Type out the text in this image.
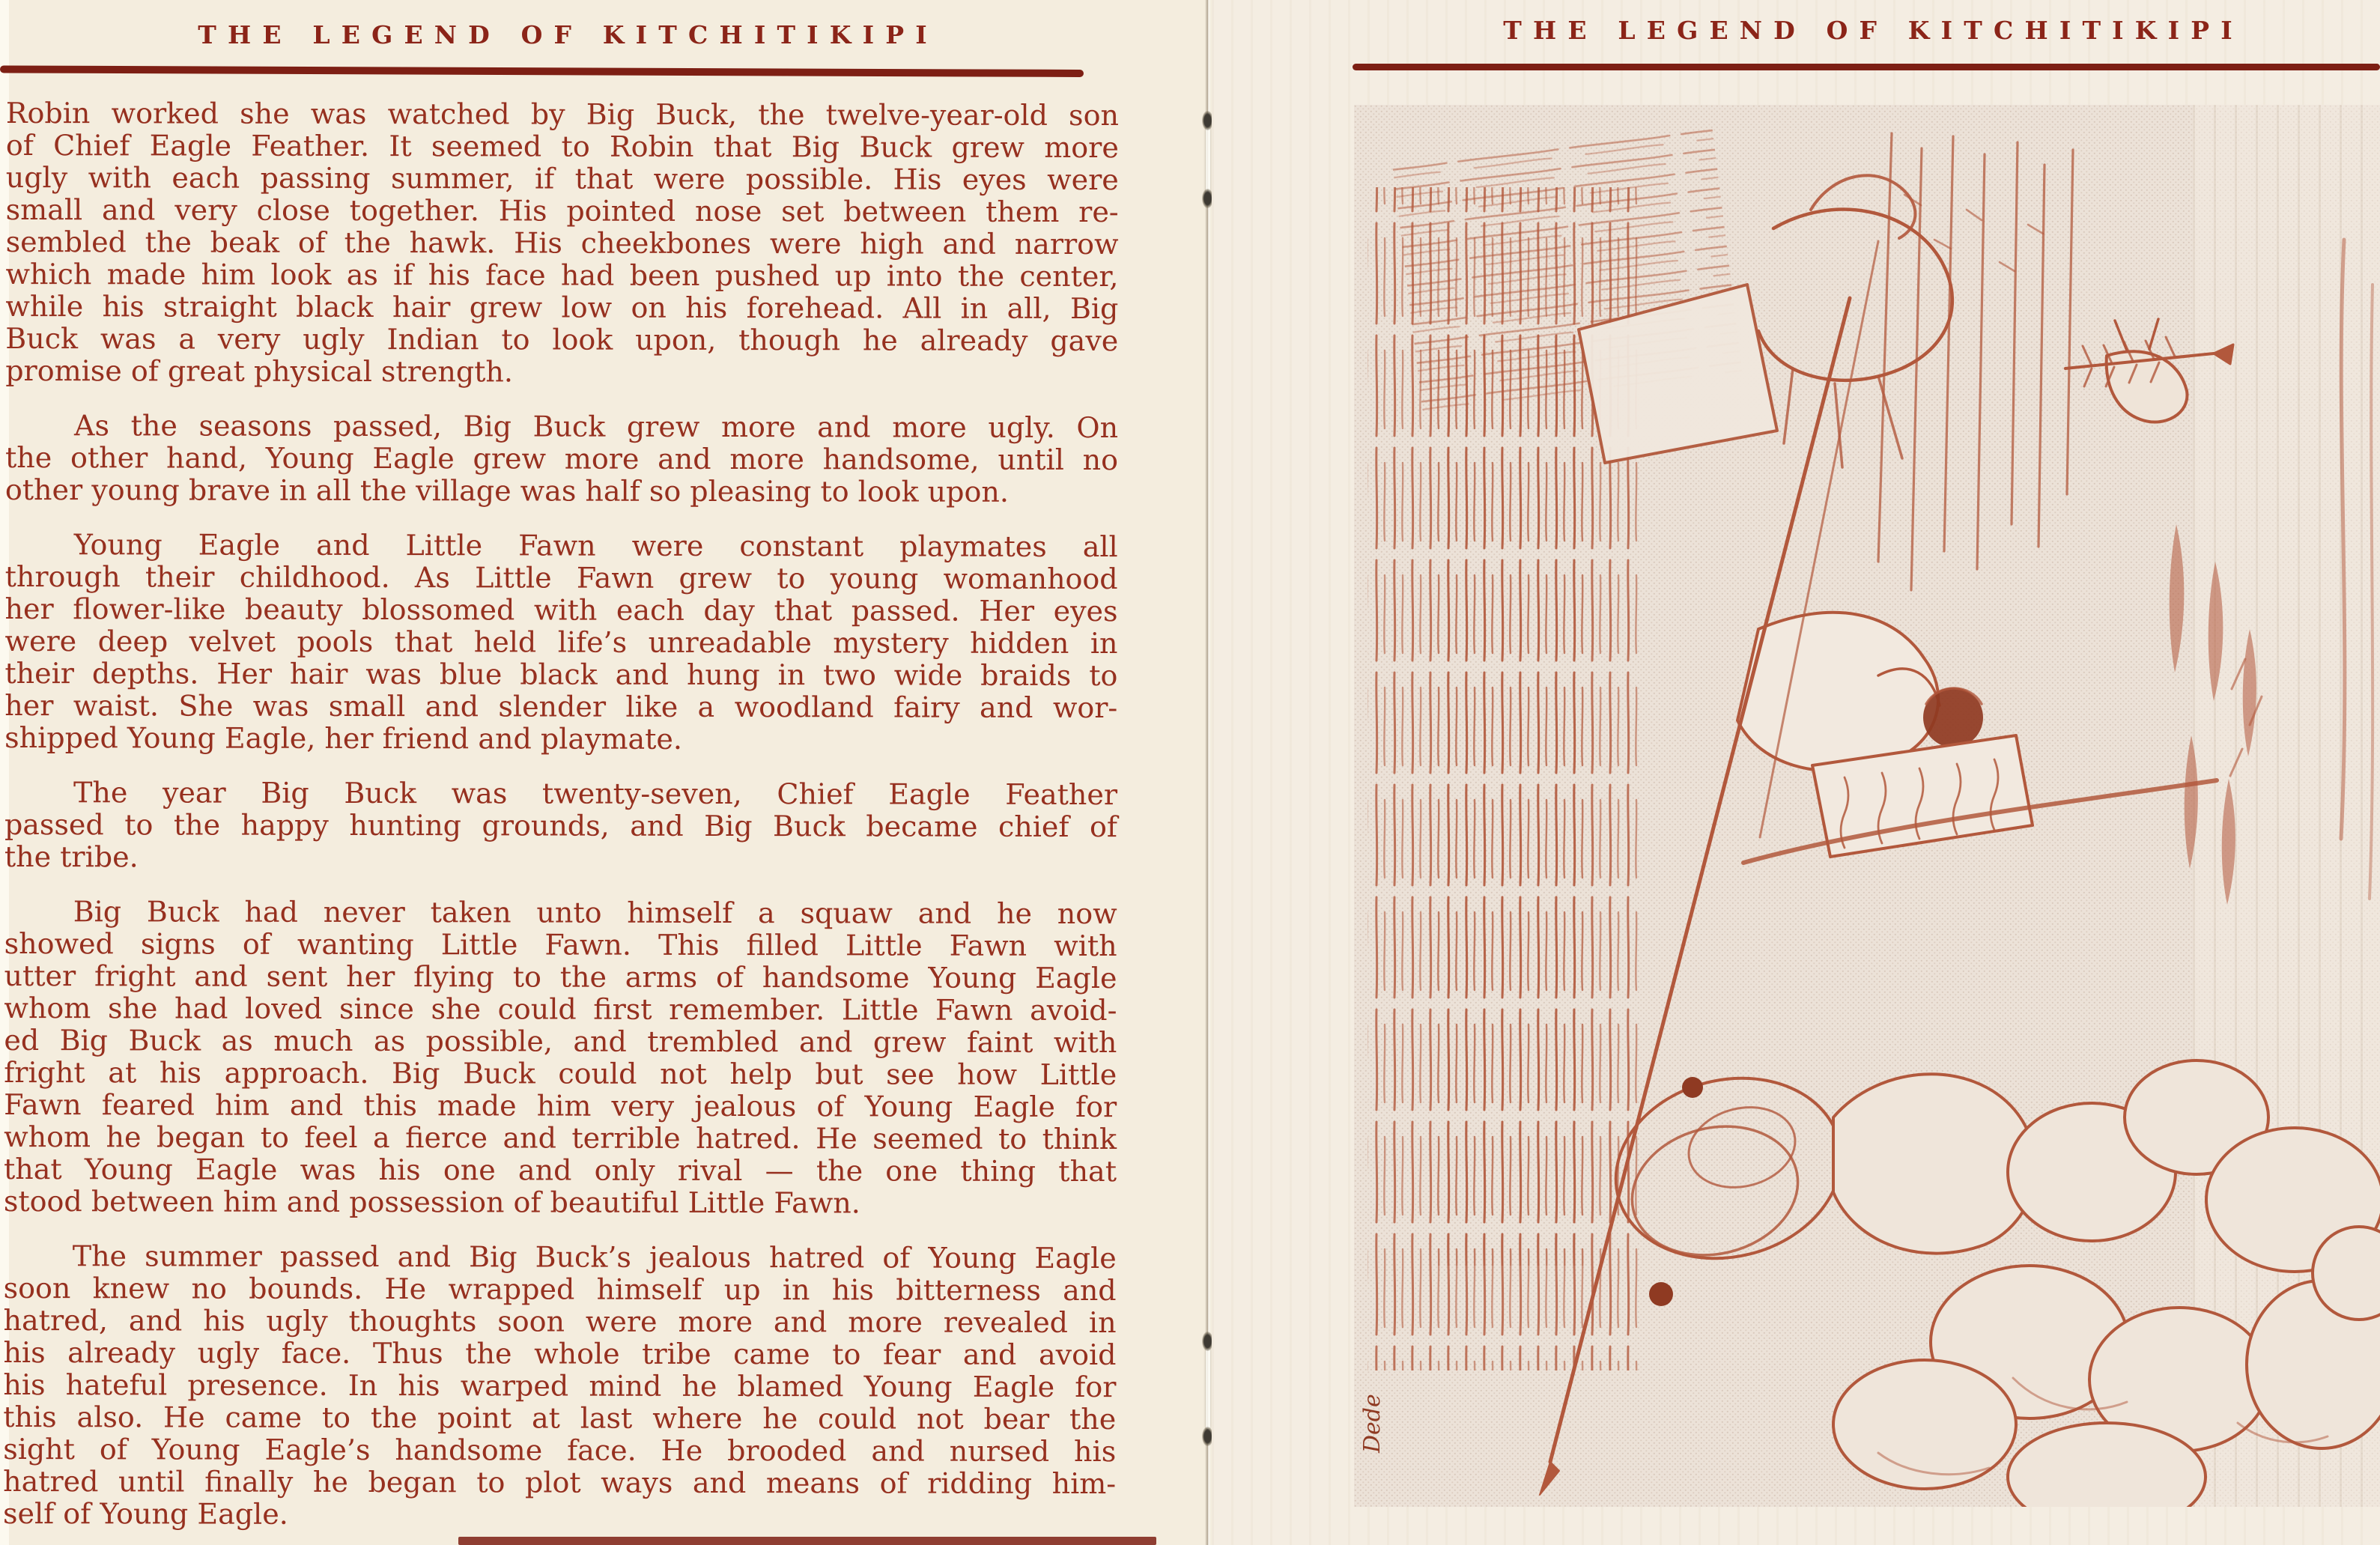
THE LEGEND OF KITCHITIKIPI

Robin worked she was watched by Big Buck, the twelve-year-old son
of Chief Eagle Feather. It seemed to Robin that Big Buck grew more
ugly with each passing summer, if that were possible. His eyes were
small and very close together. His pointed nose set between them re-
sembled the beak of the hawk. His cheekbones were high and narrow
which made him look as if his face had been pushed up into the center,
while his straight black hair grew low on his forehead. All in all, Big
Buck was a very ugly Indian to look upon, though he already gave
promise of great physical strength.

As the seasons passed, Big Buck grew more and more ugly. On
the other hand, Young Eagle grew more and more handsome, until no
other young brave in all the village was half so pleasing to look upon.

Young Eagle and Little Fawn were constant playmates all
through their childhood. As Little Fawn grew to young womanhood
her flower-like beauty blossomed with each day that passed. Her eyes
were deep velvet pools that held life’s unreadable mystery hidden in
their depths. Her hair was blue black and hung in two wide braids to
her waist. She was small and slender like a woodland fairy and wor-
shipped Young Eagle, her friend and playmate.

The year Big Buck was twenty-seven, Chief Eagle Feather
passed to the happy hunting grounds, and Big Buck became chief of
the tribe.

Big Buck had never taken unto himself a squaw and he now
showed signs of wanting Little Fawn. This filled Little Fawn with
utter fright and sent her flying to the arms of handsome Young Eagle
whom she had loved since she could first remember. Little Fawn avoid-
ed Big Buck as much as possible, and trembled and grew faint with
fright at his approach. Big Buck could not help but see how Little
Fawn feared him and this made him very jealous of Young Eagle for
whom he began to feel a fierce and terrible hatred. He seemed to think
that Young Eagle was his one and only rival — the one thing that
stood between him and possession of beautiful Little Fawn.

The summer passed and Big Buck’s jealous hatred of Young Eagle
soon knew no bounds. He wrapped himself up in his bitterness and
hatred, and his ugly thoughts soon were more and more revealed in
his already ugly face. Thus the whole tribe came to fear and avoid
his hateful presence. In his warped mind he blamed Young Eagle for
this also. He came to the point at last where he could not bear the
sight of Young Eagle’s handsome face. He brooded and nursed his
hatred until finally he began to plot ways and means of ridding him-
self of Young Eagle.

THE LEGEND OF KITCHITIKIPI
Dede
